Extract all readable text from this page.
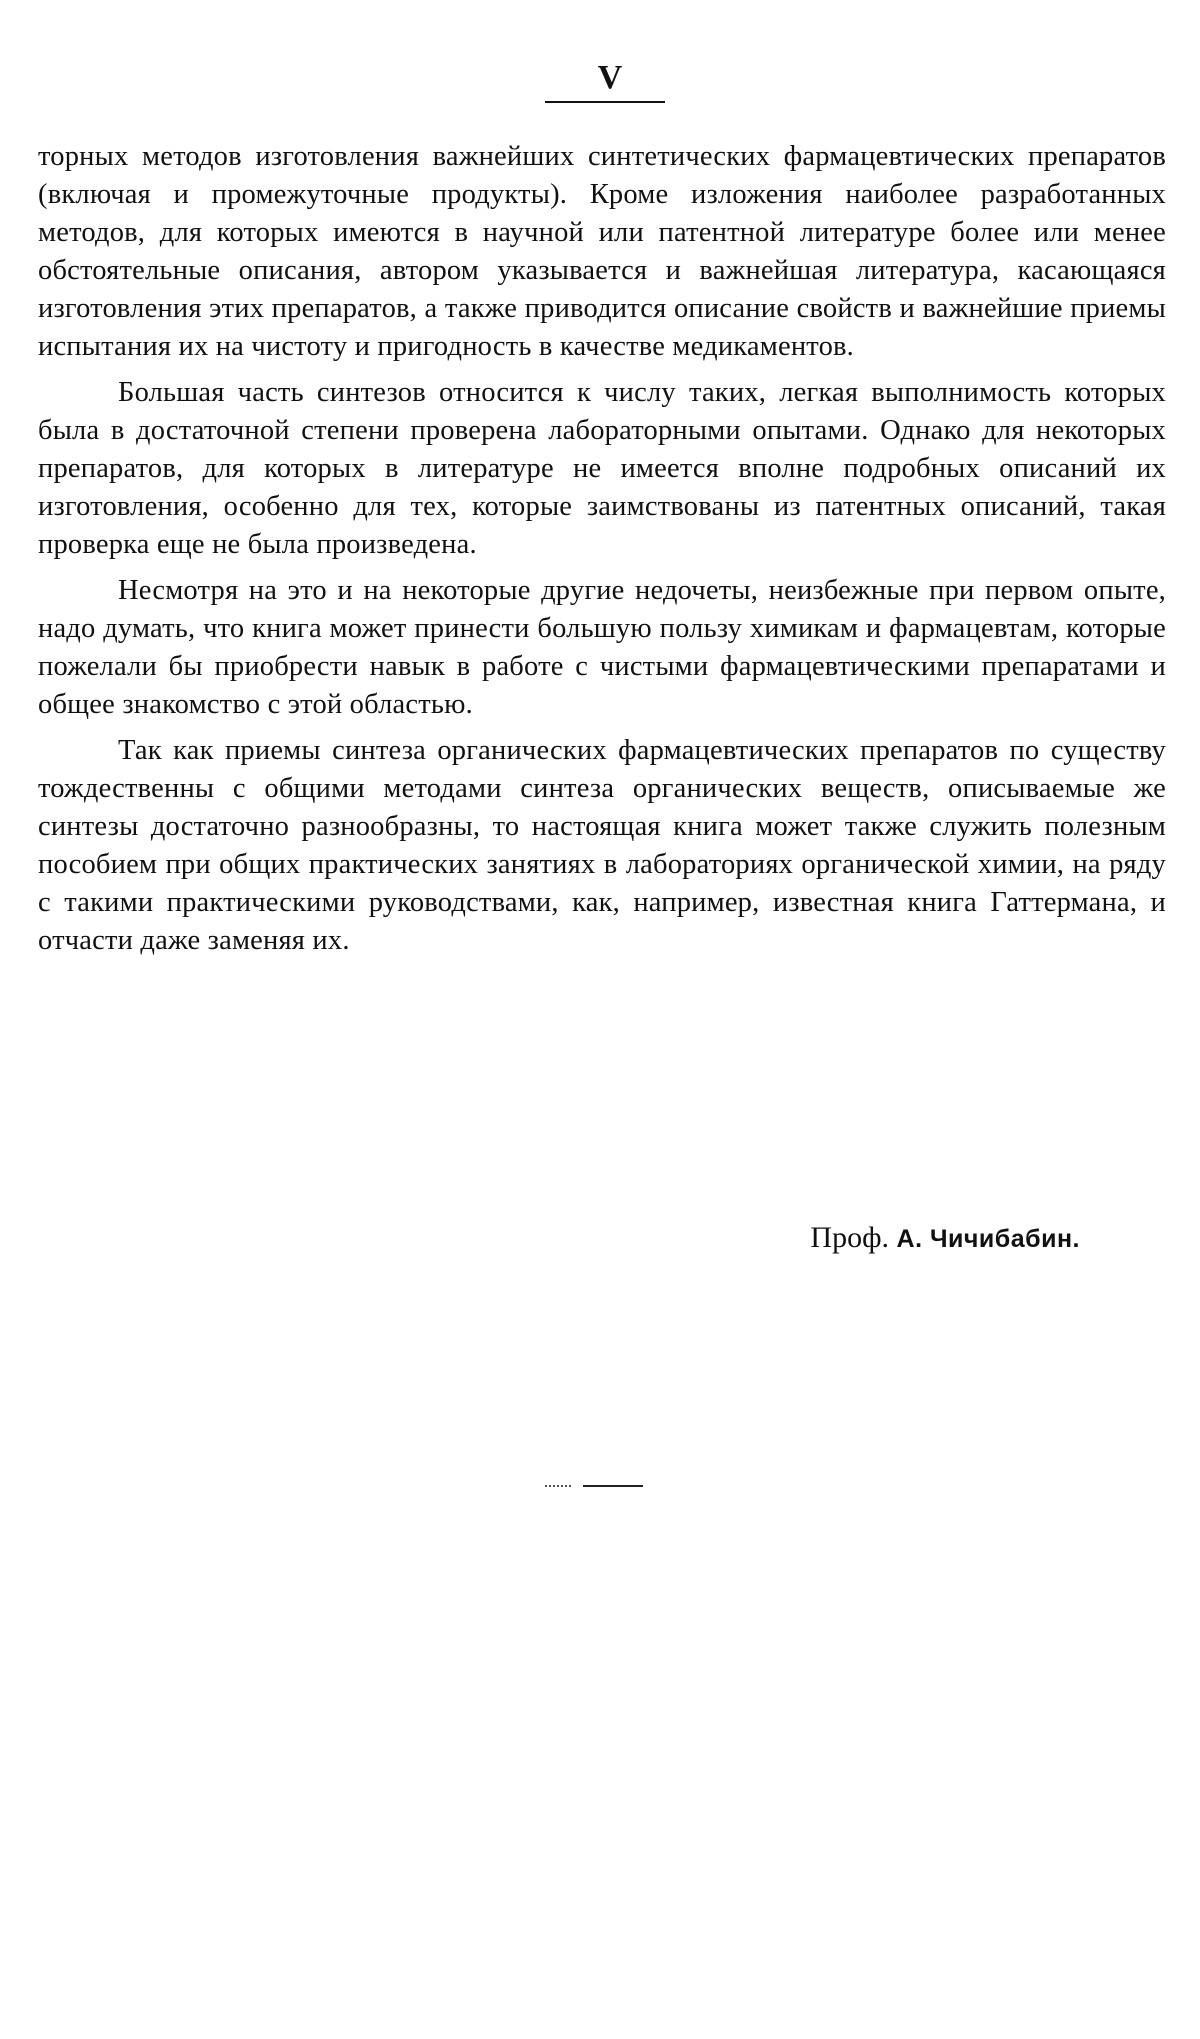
V

торных методов изготовления важнейших синтетических фармацевтических препаратов (включая и промежуточные продукты). Кроме изложения наиболее разработанных методов, для которых имеются в научной или патентной литературе более или менее обстоятельные описания, автором указывается и важнейшая литература, касающаяся изготовления этих препаратов, а также приводится описание свойств и важнейшие приемы испытания их на чистоту и пригодность в качестве медикаментов.

Большая часть синтезов относится к числу таких, легкая выполнимость которых была в достаточной степени проверена лабораторными опытами. Однако для некоторых препаратов, для которых в литературе не имеется вполне подробных описаний их изготовления, особенно для тех, которые заимствованы из патентных описаний, такая проверка еще не была произведена.

Несмотря на это и на некоторые другие недочеты, неизбежные при первом опыте, надо думать, что книга может принести большую пользу химикам и фармацевтам, которые пожелали бы приобрести навык в работе с чистыми фармацевтическими препаратами и общее знакомство с этой областью.

Так как приемы синтеза органических фармацевтических препаратов по существу тождественны с общими методами синтеза органических веществ, описываемые же синтезы достаточно разнообразны, то настоящая книга может также служить полезным пособием при общих практических занятиях в лабораториях органической химии, на ряду с такими практическими руководствами, как, например, известная книга Гаттермана, и отчасти даже заменяя их.

Проф. А. Чичибабин.
